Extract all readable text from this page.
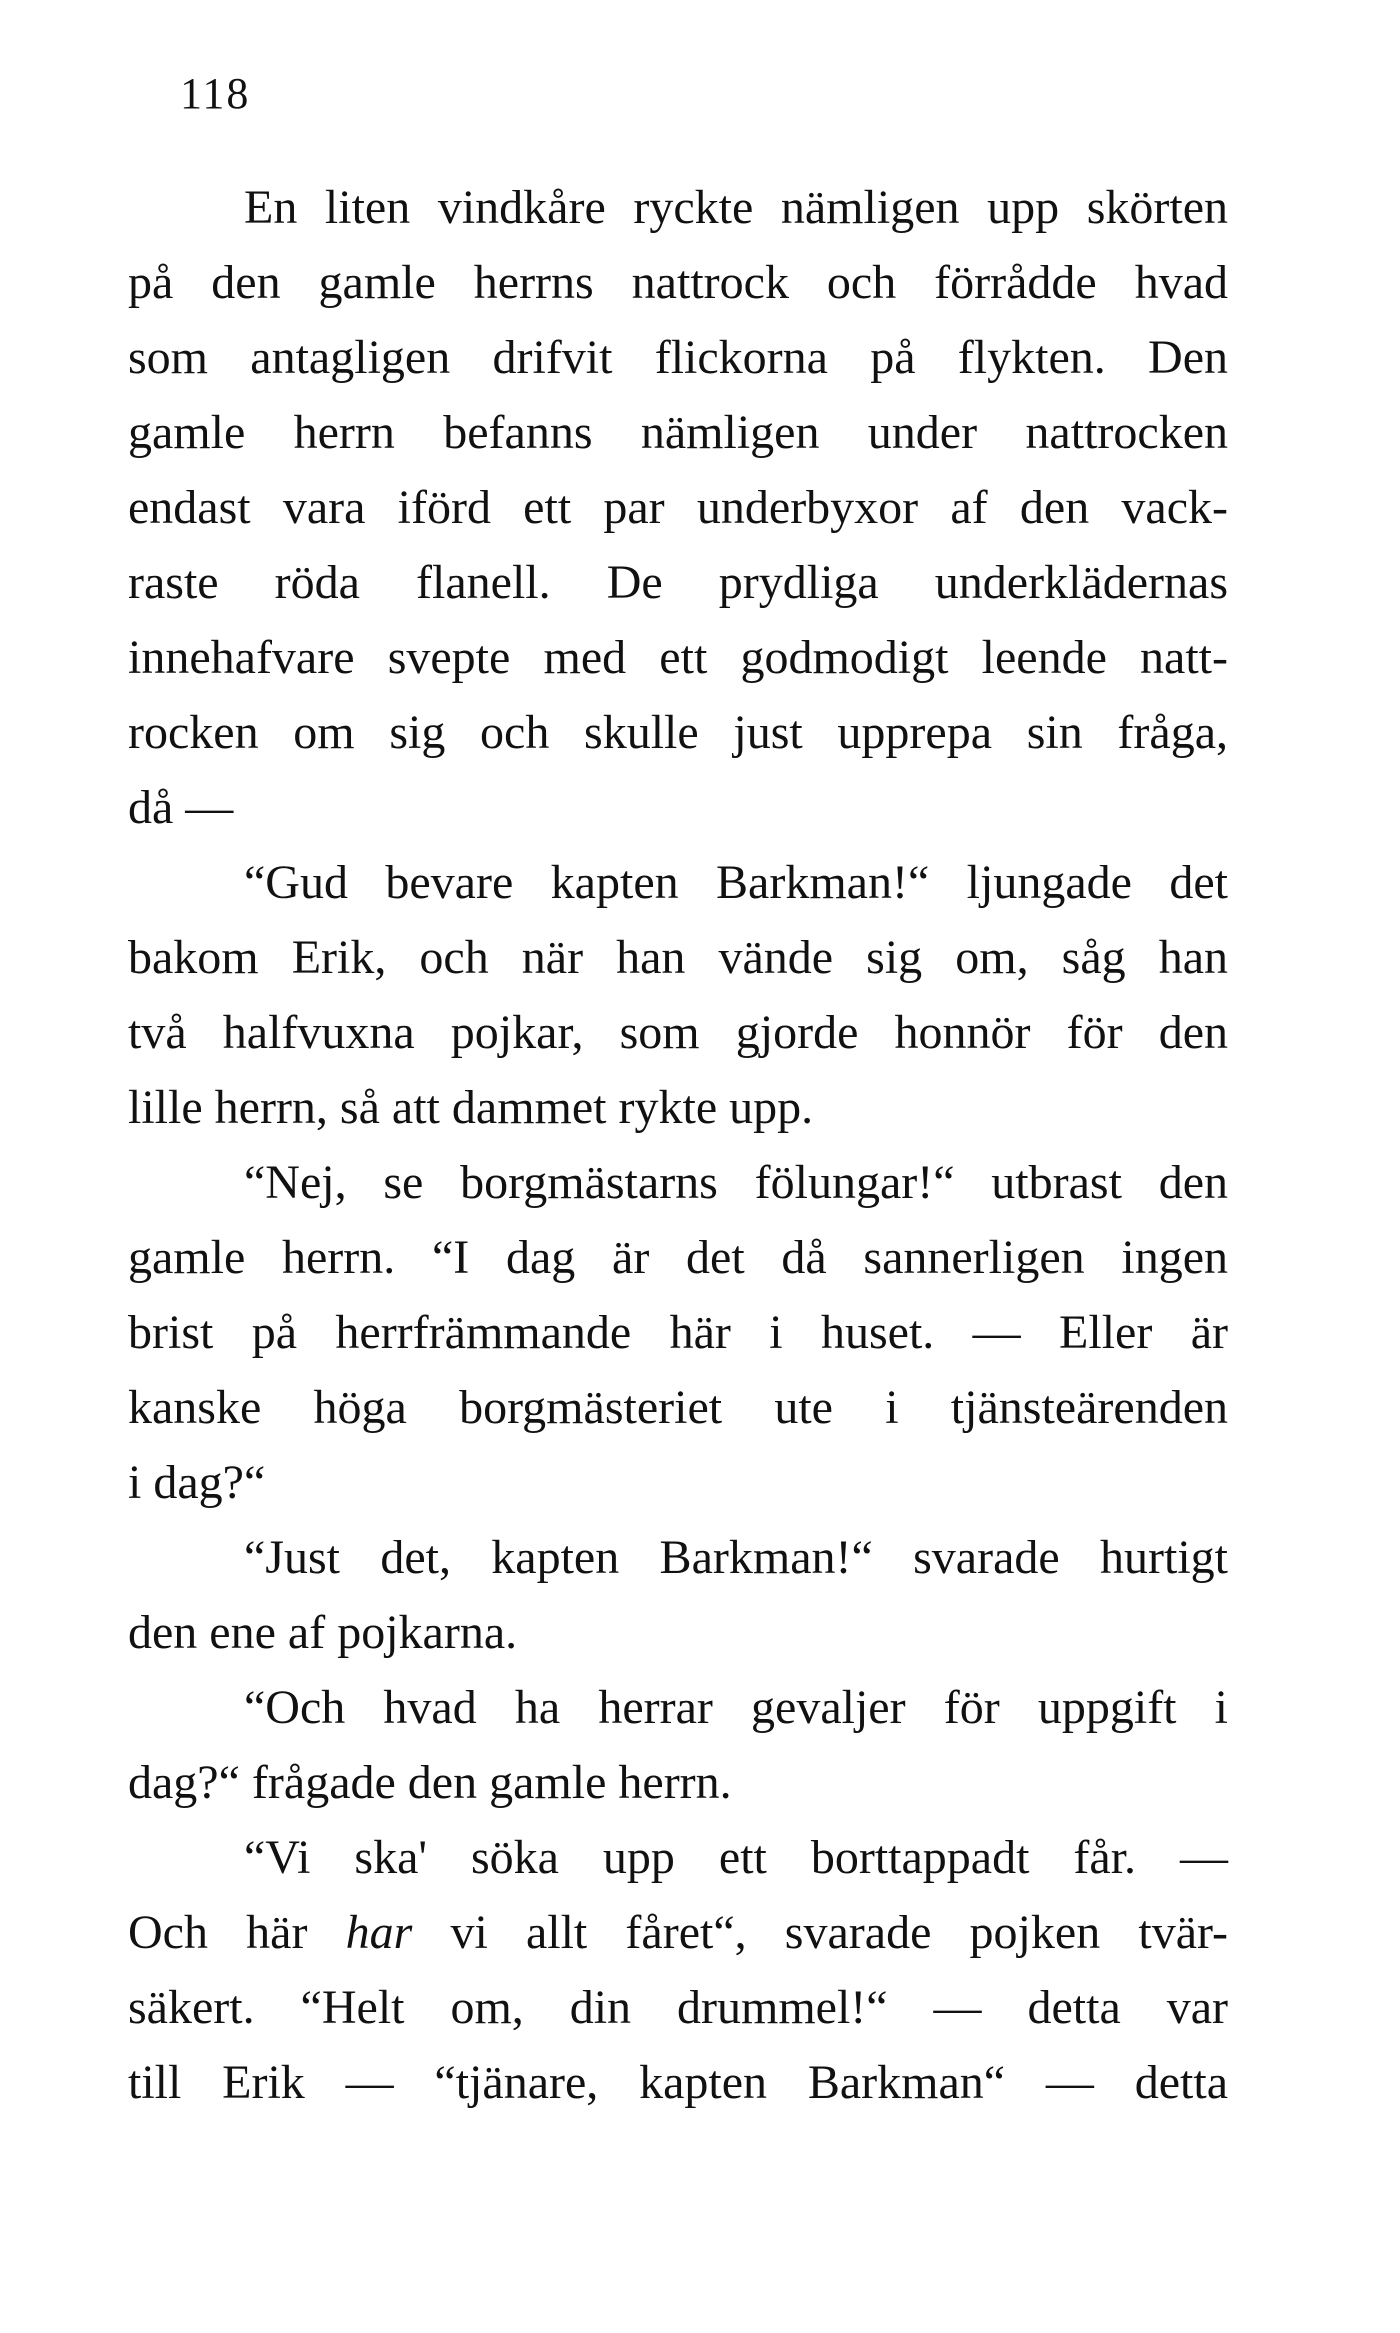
118
En liten vindkåre ryckte nämligen upp skörten
på den gamle herrns nattrock och förrådde hvad
som antagligen drifvit flickorna på flykten. Den
gamle herrn befanns nämligen under nattrocken
endast vara iförd ett par underbyxor af den vack-
raste röda flanell. De prydliga underklädernas
innehafvare svepte med ett godmodigt leende natt-
rocken om sig och skulle just upprepa sin fråga,
då —
“Gud bevare kapten Barkman!“ ljungade det
bakom Erik, och när han vände sig om, såg han
två halfvuxna pojkar, som gjorde honnör för den
lille herrn, så att dammet rykte upp.
“Nej, se borgmästarns fölungar!“ utbrast den
gamle herrn. “I dag är det då sannerligen ingen
brist på herrfrämmande här i huset. — Eller är
kanske höga borgmästeriet ute i tjänsteärenden
i dag?“
“Just det, kapten Barkman!“ svarade hurtigt
den ene af pojkarna.
“Och hvad ha herrar gevaljer för uppgift i
dag?“ frågade den gamle herrn.
“Vi ska' söka upp ett borttappadt får. —
Och här har vi allt fåret“, svarade pojken tvär-
säkert. “Helt om, din drummel!“ — detta var
till Erik — “tjänare, kapten Barkman“ — detta
